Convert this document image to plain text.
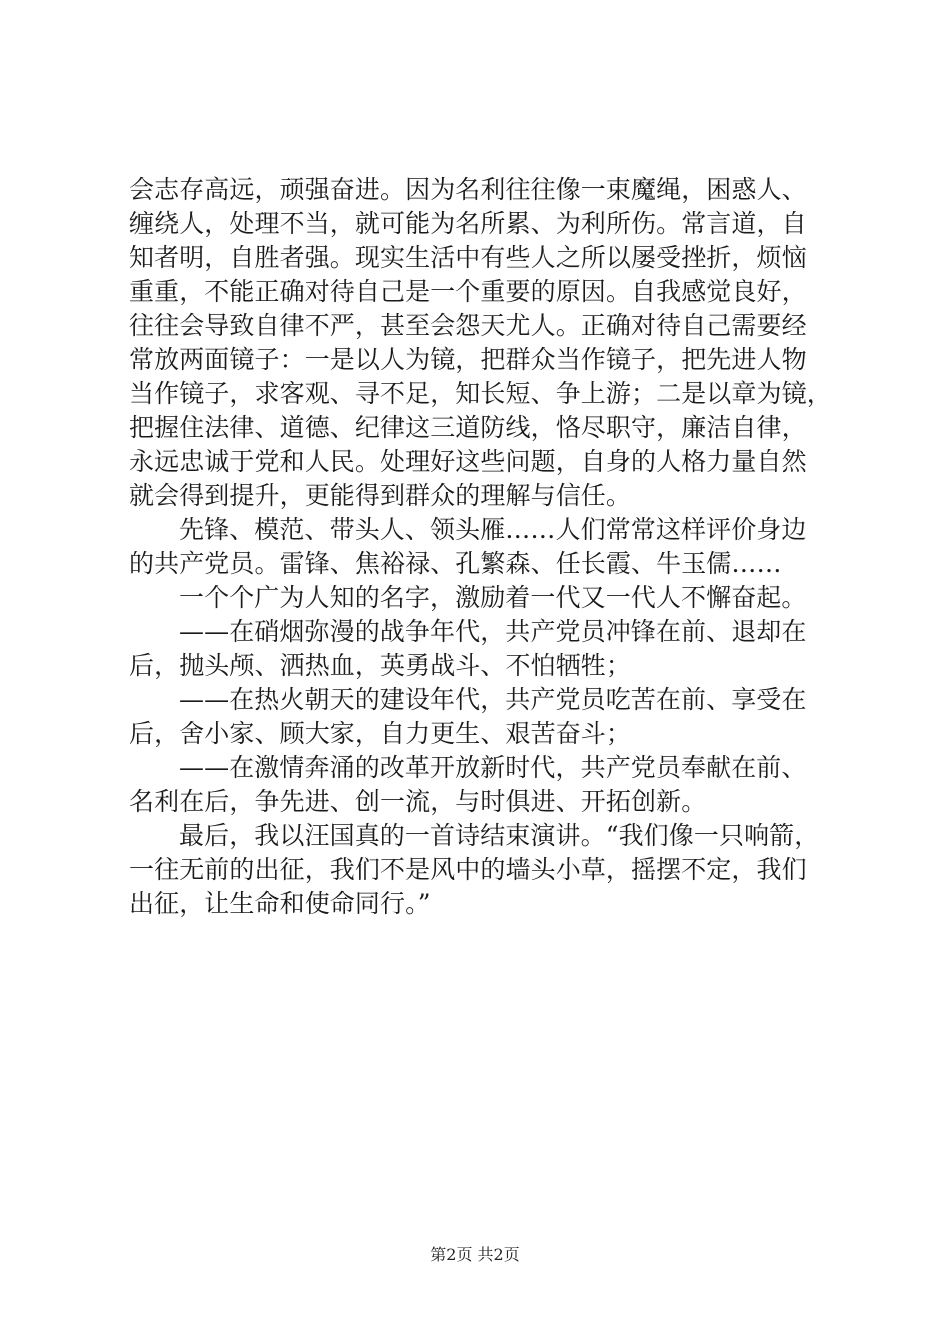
会志存高远，顽强奋进。因为名利往往像一束魔绳，困惑人、
缠绕人，处理不当，就可能为名所累、为利所伤。常言道，自
知者明，自胜者强。现实生活中有些人之所以屡受挫折，烦恼
重重，不能正确对待自己是一个重要的原因。自我感觉良好，
往往会导致自律不严，甚至会怨天尤人。正确对待自己需要经
常放两面镜子：一是以人为镜，把群众当作镜子，把先进人物
当作镜子，求客观、寻不足，知长短、争上游；二是以章为镜，
把握住法律、道德、纪律这三道防线，恪尽职守，廉洁自律，
永远忠诚于党和人民。处理好这些问题，自身的人格力量自然
就会得到提升，更能得到群众的理解与信任。
先锋、模范、带头人、领头雁……人们常常这样评价身边
的共产党员。雷锋、焦裕禄、孔繁森、任长霞、牛玉儒……
一个个广为人知的名字，激励着一代又一代人不懈奋起。
——在硝烟弥漫的战争年代，共产党员冲锋在前、退却在
后，抛头颅、洒热血，英勇战斗、不怕牺牲；
——在热火朝天的建设年代，共产党员吃苦在前、享受在
后，舍小家、顾大家，自力更生、艰苦奋斗；
——在激情奔涌的改革开放新时代，共产党员奉献在前、
名利在后，争先进、创一流，与时俱进、开拓创新。
最后，我以汪国真的一首诗结束演讲。“我们像一只响箭，
一往无前的出征，我们不是风中的墙头小草，摇摆不定，我们
出征，让生命和使命同行。”
第2页 共2页
